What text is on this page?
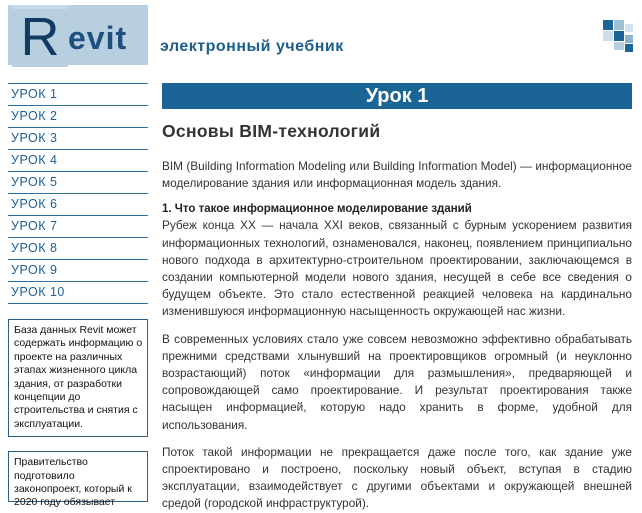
R evit электронный учебник
УРОК 1
УРОК 2
УРОК 3
УРОК 4
УРОК 5
УРОК 6
УРОК 7
УРОК 8
УРОК 9
УРОК 10
База данных Revit может содержать информацию о проекте на различных этапах жизненного цикла здания, от разработки концепции до строительства и снятия с эксплуатации.
Правительство подготовило законопроект, который к 2020 году обязывает
Урок 1
Основы BIM-технологий
BIM (Building Information Modeling или Building Information Model) — информационное моделирование здания или информационная модель здания.
1. Что такое информационное моделирование зданий
Рубеж конца XX — начала XXI веков, связанный с бурным ускорением развития информационных технологий, ознаменовался, наконец, появлением принципиально нового подхода в архитектурно-строительном проектировании, заключающемся в создании компьютерной модели нового здания, несущей в себе все сведения о будущем объекте. Это стало естественной реакцией человека на кардинально изменившуюся информационную насыщенность окружающей нас жизни.
В современных условиях стало уже совсем невозможно эффективно обрабатывать прежними средствами хлынувший на проектировщиков огромный (и неуклонно возрастающий) поток «информации для размышления», предваряющей и сопровождающей само проектирование. И результат проектирования также насыщен информацией, которую надо хранить в форме, удобной для использования.
Поток такой информации не прекращается даже после того, как здание уже спроектировано и построено, поскольку новый объект, вступая в стадию эксплуатации, взаимодействует с другими объектами и окружающей внешней средой (городской инфраструктурой).
